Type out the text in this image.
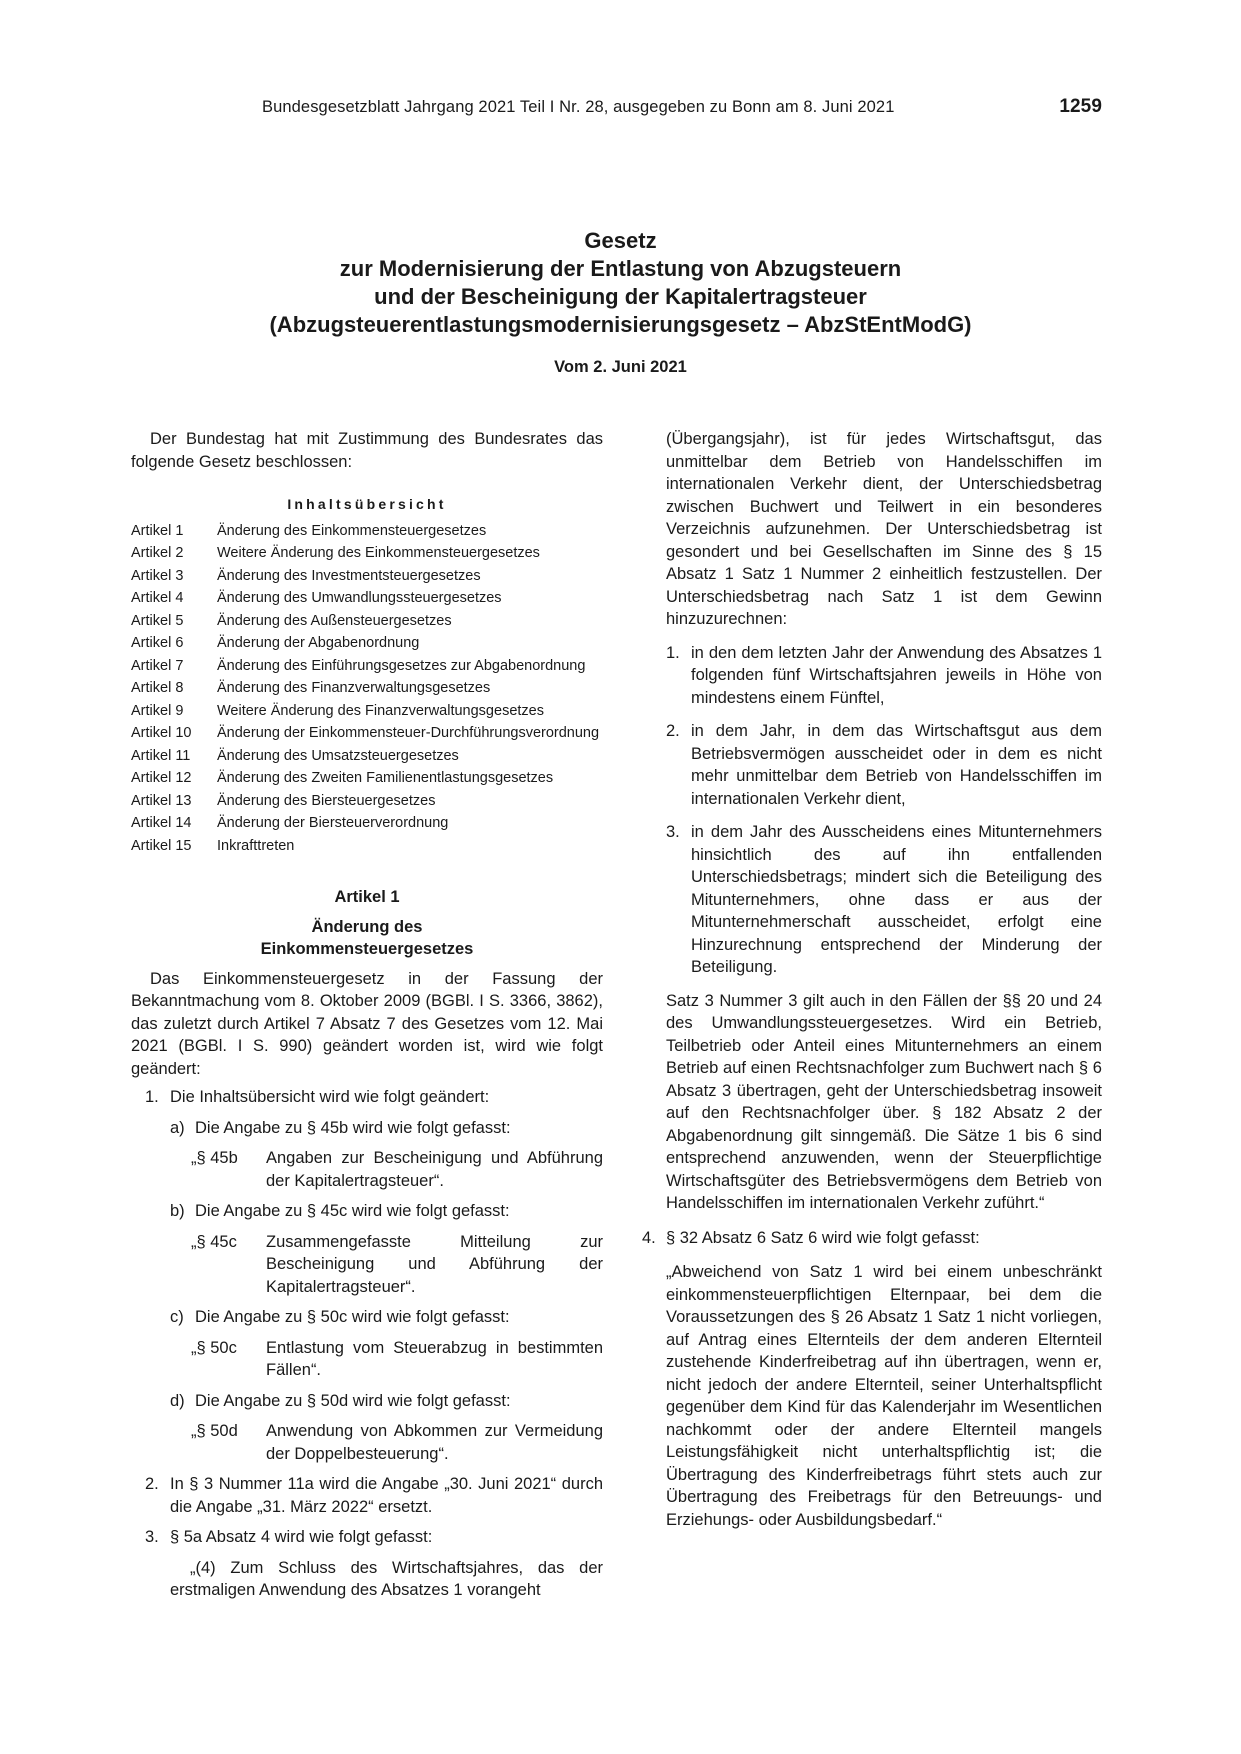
Bundesgesetzblatt Jahrgang 2021 Teil I Nr. 28, ausgegeben zu Bonn am 8. Juni 2021	1259
Gesetz
zur Modernisierung der Entlastung von Abzugsteuern
und der Bescheinigung der Kapitalertragsteuer
(Abzugsteuerentlastungsmodernisierungsgesetz – AbzStEntModG)
Vom 2. Juni 2021

Der Bundestag hat mit Zustimmung des Bundesrates das folgende Gesetz beschlossen:

Inhaltsübersicht
Artikel 1	Änderung des Einkommensteuergesetzes
Artikel 2	Weitere Änderung des Einkommensteuergesetzes
Artikel 3	Änderung des Investmentsteuergesetzes
Artikel 4	Änderung des Umwandlungssteuergesetzes
Artikel 5	Änderung des Außensteuergesetzes
Artikel 6	Änderung der Abgabenordnung
Artikel 7	Änderung des Einführungsgesetzes zur Abgabenordnung
Artikel 8	Änderung des Finanzverwaltungsgesetzes
Artikel 9	Weitere Änderung des Finanzverwaltungsgesetzes
Artikel 10	Änderung der Einkommensteuer-Durchführungsverordnung
Artikel 11	Änderung des Umsatzsteuergesetzes
Artikel 12	Änderung des Zweiten Familienentlastungsgesetzes
Artikel 13	Änderung des Biersteuergesetzes
Artikel 14	Änderung der Biersteuerverordnung
Artikel 15	Inkrafttreten
Artikel 1
Änderung des
Einkommensteuergesetzes

Das Einkommensteuergesetz in der Fassung der Bekanntmachung vom 8. Oktober 2009 (BGBl. I S. 3366, 3862), das zuletzt durch Artikel 7 Absatz 7 des Gesetzes vom 12. Mai 2021 (BGBl. I S. 990) geändert worden ist, wird wie folgt geändert:

1. Die Inhaltsübersicht wird wie folgt geändert:
a) Die Angabe zu § 45b wird wie folgt gefasst:
„§ 45b	Angaben zur Bescheinigung und Abführung der Kapitalertragsteuer“.
b) Die Angabe zu § 45c wird wie folgt gefasst:
„§ 45c	Zusammengefasste Mitteilung zur Bescheinigung und Abführung der Kapitalertragsteuer“.
c) Die Angabe zu § 50c wird wie folgt gefasst:
„§ 50c	Entlastung vom Steuerabzug in bestimmten Fällen“.
d) Die Angabe zu § 50d wird wie folgt gefasst:
„§ 50d	Anwendung von Abkommen zur Vermeidung der Doppelbesteuerung“.
2. In § 3 Nummer 11a wird die Angabe „30. Juni 2021“ durch die Angabe „31. März 2022“ ersetzt.
3. § 5a Absatz 4 wird wie folgt gefasst:

„(4) Zum Schluss des Wirtschaftsjahres, das der erstmaligen Anwendung des Absatzes 1 vorangeht

(Übergangsjahr), ist für jedes Wirtschaftsgut, das unmittelbar dem Betrieb von Handelsschiffen im internationalen Verkehr dient, der Unterschiedsbetrag zwischen Buchwert und Teilwert in ein besonderes Verzeichnis aufzunehmen. Der Unterschiedsbetrag ist gesondert und bei Gesellschaften im Sinne des § 15 Absatz 1 Satz 1 Nummer 2 einheitlich festzustellen. Der Unterschiedsbetrag nach Satz 1 ist dem Gewinn hinzuzurechnen:

1. in den dem letzten Jahr der Anwendung des Absatzes 1 folgenden fünf Wirtschaftsjahren jeweils in Höhe von mindestens einem Fünftel,
2. in dem Jahr, in dem das Wirtschaftsgut aus dem Betriebsvermögen ausscheidet oder in dem es nicht mehr unmittelbar dem Betrieb von Handelsschiffen im internationalen Verkehr dient,
3. in dem Jahr des Ausscheidens eines Mitunternehmers hinsichtlich des auf ihn entfallenden Unterschiedsbetrags; mindert sich die Beteiligung des Mitunternehmers, ohne dass er aus der Mitunternehmerschaft ausscheidet, erfolgt eine Hinzurechnung entsprechend der Minderung der Beteiligung.

Satz 3 Nummer 3 gilt auch in den Fällen der §§ 20 und 24 des Umwandlungssteuergesetzes. Wird ein Betrieb, Teilbetrieb oder Anteil eines Mitunternehmers an einem Betrieb auf einen Rechtsnachfolger zum Buchwert nach § 6 Absatz 3 übertragen, geht der Unterschiedsbetrag insoweit auf den Rechtsnachfolger über. § 182 Absatz 2 der Abgabenordnung gilt sinngemäß. Die Sätze 1 bis 6 sind entsprechend anzuwenden, wenn der Steuerpflichtige Wirtschaftsgüter des Betriebsvermögens dem Betrieb von Handelsschiffen im internationalen Verkehr zuführt.“

4. § 32 Absatz 6 Satz 6 wird wie folgt gefasst:

„Abweichend von Satz 1 wird bei einem unbeschränkt einkommensteuerpflichtigen Elternpaar, bei dem die Voraussetzungen des § 26 Absatz 1 Satz 1 nicht vorliegen, auf Antrag eines Elternteils der dem anderen Elternteil zustehende Kinderfreibetrag auf ihn übertragen, wenn er, nicht jedoch der andere Elternteil, seiner Unterhaltspflicht gegenüber dem Kind für das Kalenderjahr im Wesentlichen nachkommt oder der andere Elternteil mangels Leistungsfähigkeit nicht unterhaltspflichtig ist; die Übertragung des Kinderfreibetrags führt stets auch zur Übertragung des Freibetrags für den Betreuungs- und Erziehungs- oder Ausbildungsbedarf.“
